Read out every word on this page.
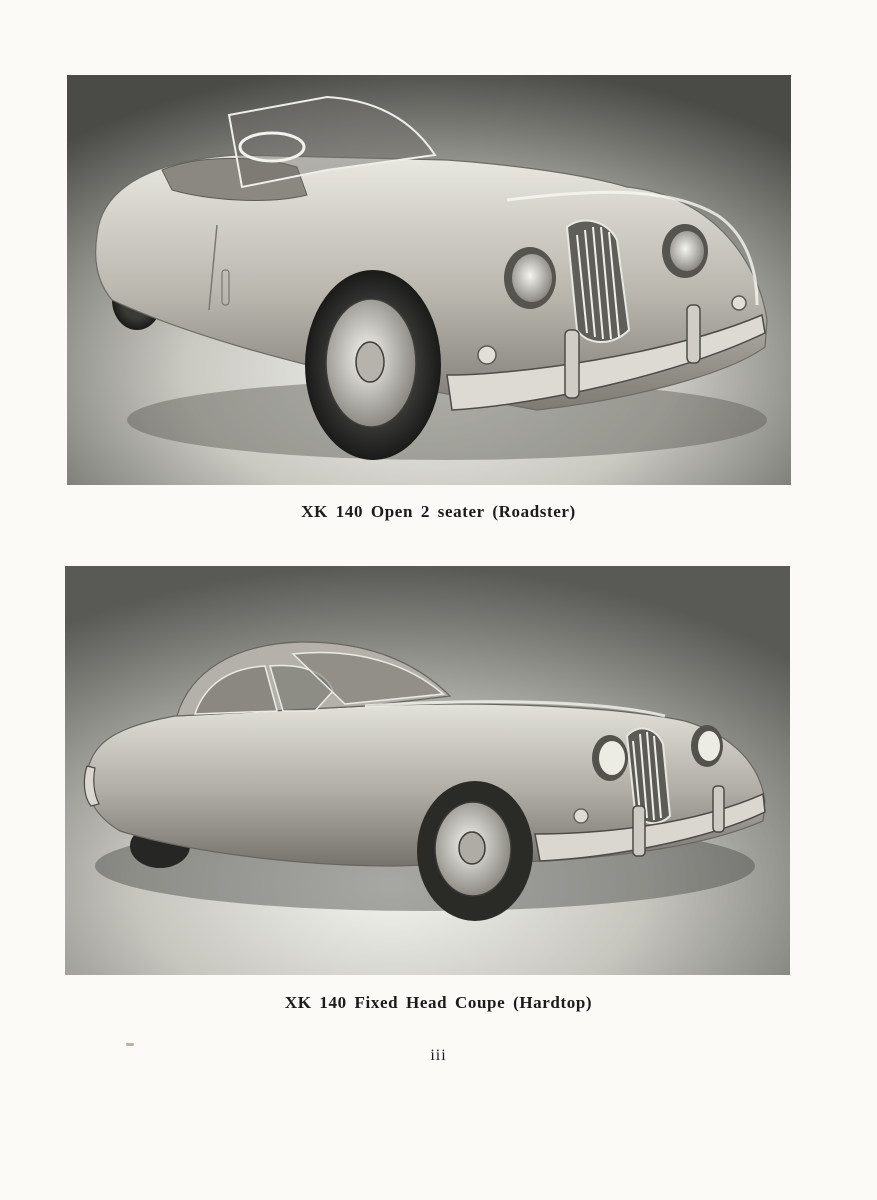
XK 140 Open 2 seater (Roadster)
XK 140 Fixed Head Coupe (Hardtop)
iii
